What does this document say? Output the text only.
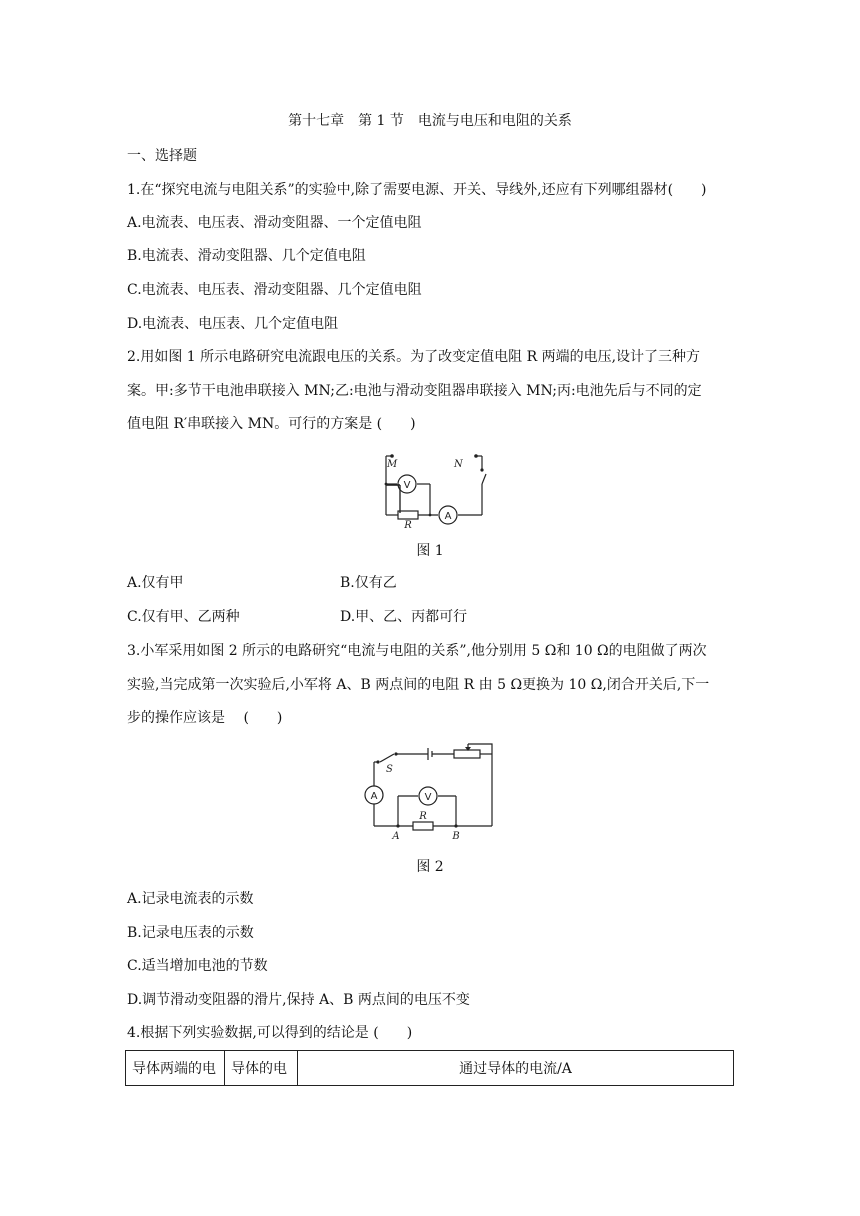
第十七章　第 1 节　电流与电压和电阻的关系
一、选择题
1.在“探究电流与电阻关系”的实验中,除了需要电源、开关、导线外,还应有下列哪组器材(　　)
A.电流表、电压表、滑动变阻器、一个定值电阻
B.电流表、滑动变阻器、几个定值电阻
C.电流表、电压表、滑动变阻器、几个定值电阻
D.电流表、电压表、几个定值电阻
2.用如图 1 所示电路研究电流跟电压的关系。为了改变定值电阻 R 两端的电压,设计了三种方
案。甲:多节干电池串联接入 MN;乙:电池与滑动变阻器串联接入 MN;丙:电池先后与不同的定
值电阻 R′串联接入 MN。可行的方案是 (　　)
M	N
V
A
R
图 1
A.仅有甲	B.仅有乙
C.仅有甲、乙两种	D.甲、乙、丙都可行
3.小军采用如图 2 所示的电路研究“电流与电阻的关系”,他分别用 5 Ω和 10 Ω的电阻做了两次
实验,当完成第一次实验后,小军将 A、B 两点间的电阻 R 由 5 Ω更换为 10 Ω,闭合开关后,下一
步的操作应该是　 (　　)
S
A	V
R
A	B
图 2
A.记录电流表的示数
B.记录电压表的示数
C.适当增加电池的节数
D.调节滑动变阻器的滑片,保持 A、B 两点间的电压不变
4.根据下列实验数据,可以得到的结论是 (　　)
导体两端的电	导体的电	通过导体的电流/A
